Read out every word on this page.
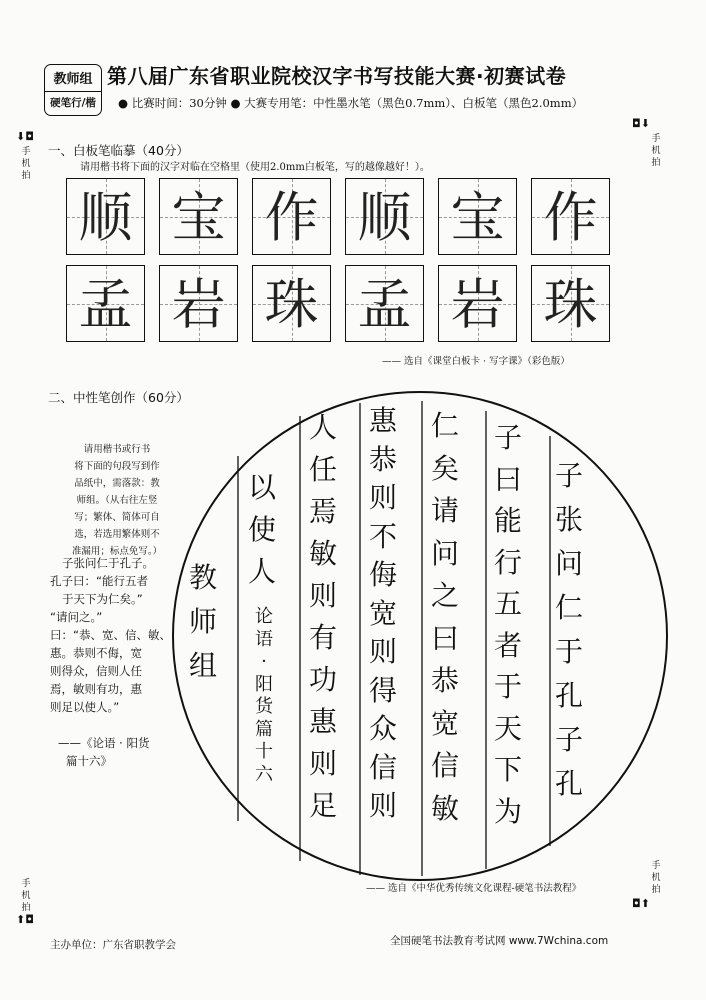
教师组
硬笔行/楷
第八届广东省职业院校汉字书写技能大赛·初赛试卷
● 比赛时间：30分钟 ● 大赛专用笔：中性墨水笔（黑色0.7mm）、白板笔（黑色2.0mm）
⬇◘
手机拍
◘⬇
手机拍
手机拍
⬆◘
手机拍
◘⬆
一、白板笔临摹（40分）
请用楷书将下面的汉字对临在空格里（使用2.0mm白板笔，写的越像越好！）。
顺 宝 作 顺 宝 作
孟 岩 珠 孟 岩 珠
—— 选自《课堂白板卡 · 写字课》（彩色版）
二、中性笔创作（60分）
请用楷书或行书
将下面的句段写到作
品纸中，需落款：教
师组。（从右往左竖
写；繁体、简体可自
选，若选用繁体则不
准漏用；标点免写。）
子张问仁于孔子。
孔子曰：“能行五者
于天下为仁矣。”
“请问之。”
曰：“恭、宽、信、敏、
惠。恭则不侮，宽
则得众，信则人任
焉，敏则有功，惠
则足以使人。”
——《论语 · 阳货
篇十六》
子
张
问
仁
于
孔
子
孔
子
曰
能
行
五
者
于
天
下
为
仁
矣
请
问
之
曰
恭
宽
信
敏
惠
恭
则
不
侮
宽
则
得
众
信
则
人
任
焉
敏
则
有
功
惠
则
足
以
使
人
论
语
·
阳
货
篇
十
六
教
师
组
—— 选自《中华优秀传统文化课程-硬笔书法教程》
主办单位：广东省职教学会	全国硬笔书法教育考试网 www.7Wchina.com
